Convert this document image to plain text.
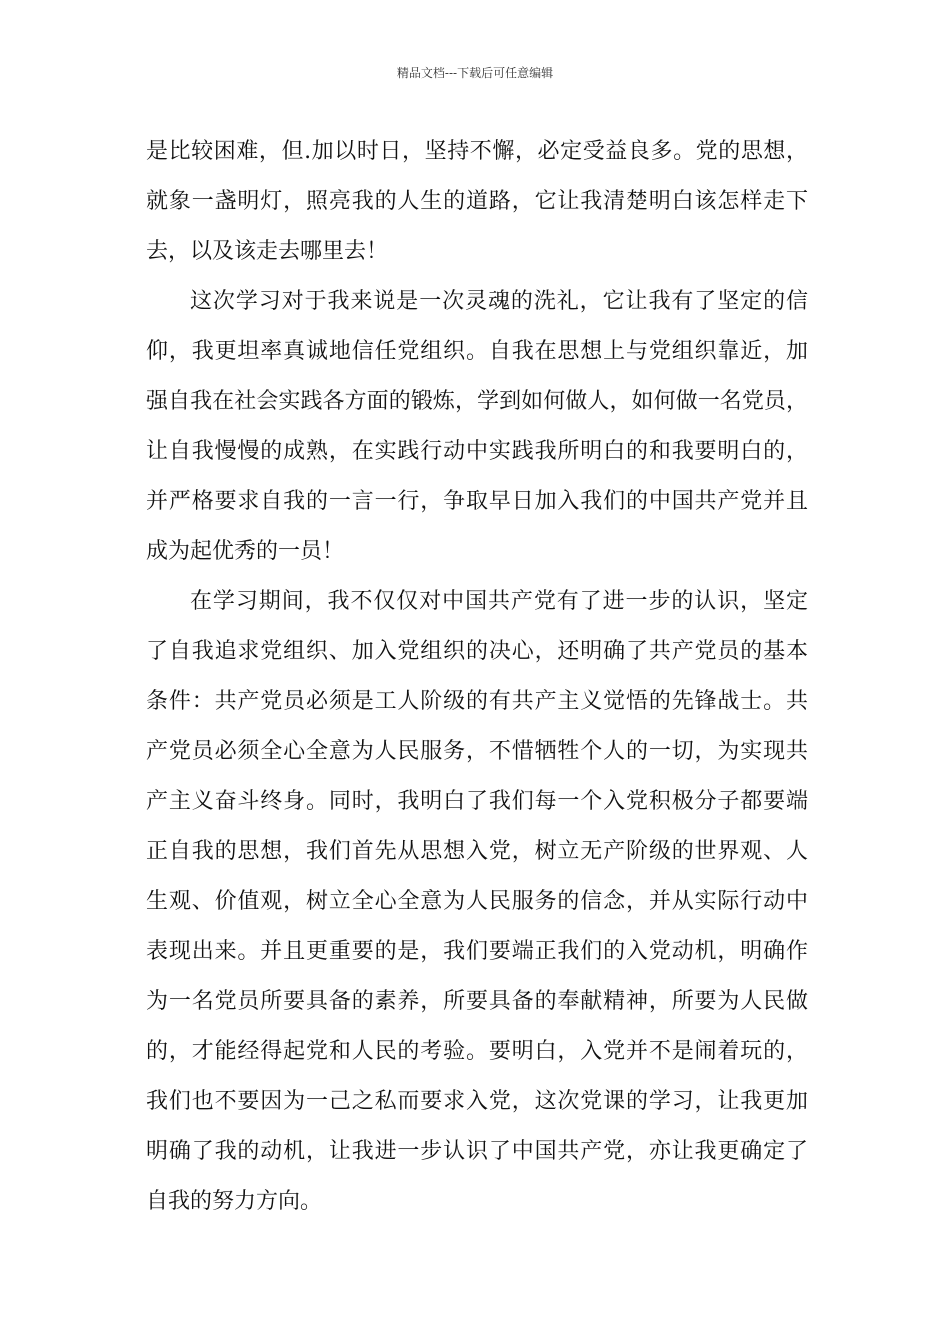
精品文档---下载后可任意编辑
是比较困难，但.加以时日，坚持不懈，必定受益良多。党的思想，
就象一盏明灯，照亮我的人生的道路，它让我清楚明白该怎样走下
去，以及该走去哪里去！
这次学习对于我来说是一次灵魂的洗礼，它让我有了坚定的信
仰，我更坦率真诚地信任党组织。自我在思想上与党组织靠近，加
强自我在社会实践各方面的锻炼，学到如何做人，如何做一名党员，
让自我慢慢的成熟，在实践行动中实践我所明白的和我要明白的，
并严格要求自我的一言一行，争取早日加入我们的中国共产党并且
成为起优秀的一员！
在学习期间，我不仅仅对中国共产党有了进一步的认识，坚定
了自我追求党组织、加入党组织的决心，还明确了共产党员的基本
条件：共产党员必须是工人阶级的有共产主义觉悟的先锋战士。共
产党员必须全心全意为人民服务，不惜牺牲个人的一切，为实现共
产主义奋斗终身。同时，我明白了我们每一个入党积极分子都要端
正自我的思想，我们首先从思想入党，树立无产阶级的世界观、人
生观、价值观，树立全心全意为人民服务的信念，并从实际行动中
表现出来。并且更重要的是，我们要端正我们的入党动机，明确作
为一名党员所要具备的素养，所要具备的奉献精神，所要为人民做
的，才能经得起党和人民的考验。要明白，入党并不是闹着玩的，
我们也不要因为一己之私而要求入党，这次党课的学习，让我更加
明确了我的动机，让我进一步认识了中国共产党，亦让我更确定了
自我的努力方向。
